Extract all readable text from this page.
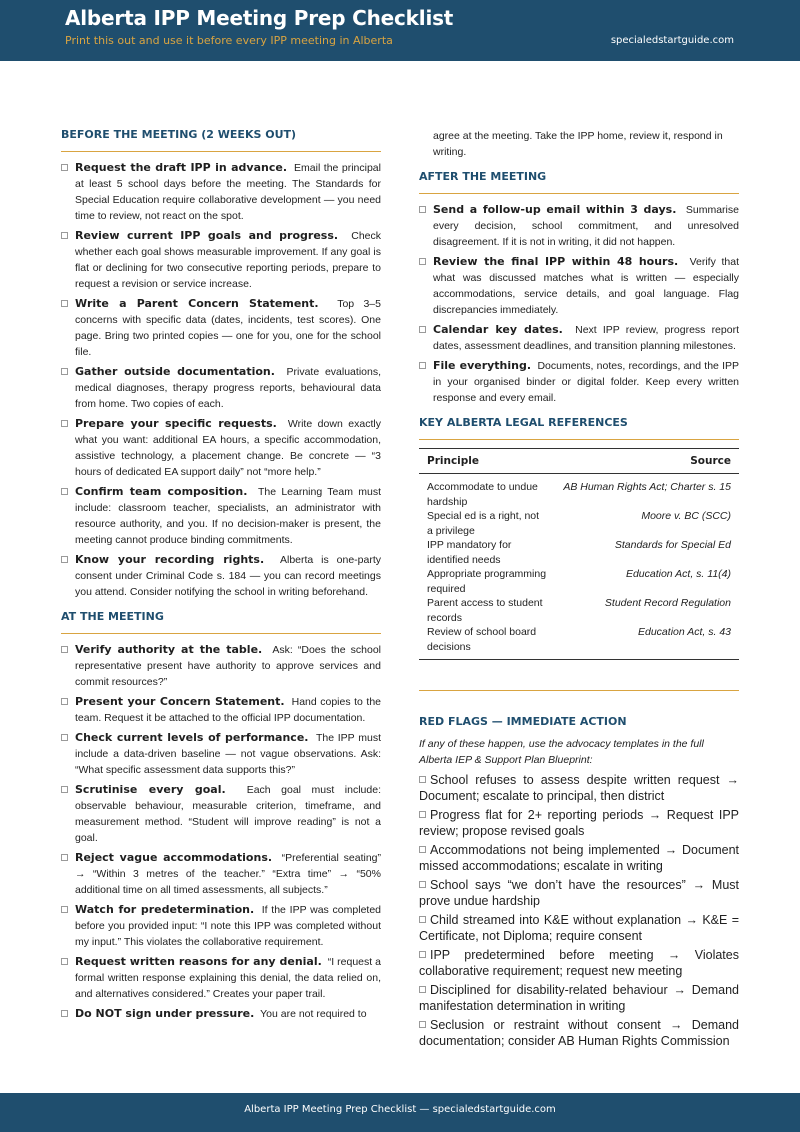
Alberta IPP Meeting Prep Checklist
Print this out and use it before every IPP meeting in Alberta	specialedstartguide.com
BEFORE THE MEETING (2 WEEKS OUT)
Request the draft IPP in advance. Email the principal at least 5 school days before the meeting. The Standards for Special Education require collaborative development — you need time to review, not react on the spot.
Review current IPP goals and progress. Check whether each goal shows measurable improvement. If any goal is flat or declining for two consecutive reporting periods, prepare to request a revision or service increase.
Write a Parent Concern Statement. Top 3–5 concerns with specific data (dates, incidents, test scores). One page. Bring two printed copies — one for you, one for the school file.
Gather outside documentation. Private evaluations, medical diagnoses, therapy progress reports, behavioural data from home. Two copies of each.
Prepare your specific requests. Write down exactly what you want: additional EA hours, a specific accommodation, assistive technology, a placement change. Be concrete — “3 hours of dedicated EA support daily” not “more help.”
Confirm team composition. The Learning Team must include: classroom teacher, specialists, an administrator with resource authority, and you. If no decision-maker is present, the meeting cannot produce binding commitments.
Know your recording rights. Alberta is one-party consent under Criminal Code s. 184 — you can record meetings you attend. Consider notifying the school in writing beforehand.
AT THE MEETING
Verify authority at the table. Ask: “Does the school representative present have authority to approve services and commit resources?”
Present your Concern Statement. Hand copies to the team. Request it be attached to the official IPP documentation.
Check current levels of performance. The IPP must include a data-driven baseline — not vague observations. Ask: “What specific assessment data supports this?”
Scrutinise every goal. Each goal must include: observable behaviour, measurable criterion, timeframe, and measurement method. “Student will improve reading” is not a goal.
Reject vague accommodations. “Preferential seating” → “Within 3 metres of the teacher.” “Extra time” → “50% additional time on all timed assessments, all subjects.”
Watch for predetermination. If the IPP was completed before you provided input: “I note this IPP was completed without my input.” This violates the collaborative requirement.
Request written reasons for any denial. “I request a formal written response explaining this denial, the data relied on, and alternatives considered.” Creates your paper trail.
Do NOT sign under pressure. You are not required to
agree at the meeting. Take the IPP home, review it, respond in writing.
AFTER THE MEETING
Send a follow-up email within 3 days. Summarise every decision, school commitment, and unresolved disagreement. If it is not in writing, it did not happen.
Review the final IPP within 48 hours. Verify that what was discussed matches what is written — especially accommodations, service details, and goal language. Flag discrepancies immediately.
Calendar key dates. Next IPP review, progress report dates, assessment deadlines, and transition planning milestones.
File everything. Documents, notes, recordings, and the IPP in your organised binder or digital folder. Keep every written response and every email.
KEY ALBERTA LEGAL REFERENCES
Principle	Source
Accommodate to undue hardship	AB Human Rights Act; Charter s. 15
Special ed is a right, not a privilege	Moore v. BC (SCC)
IPP mandatory for identified needs	Standards for Special Ed
Appropriate programming required	Education Act, s. 11(4)
Parent access to student records	Student Record Regulation
Review of school board decisions	Education Act, s. 43
RED FLAGS — IMMEDIATE ACTION
If any of these happen, use the advocacy templates in the full Alberta IEP & Support Plan Blueprint:
School refuses to assess despite written request → Document; escalate to principal, then district
Progress flat for 2+ reporting periods → Request IPP review; propose revised goals
Accommodations not being implemented → Document missed accommodations; escalate in writing
School says “we don’t have the resources” → Must prove undue hardship
Child streamed into K&E without explanation → K&E = Certificate, not Diploma; require consent
IPP predetermined before meeting → Violates collaborative requirement; request new meeting
Disciplined for disability-related behaviour → Demand manifestation determination in writing
Seclusion or restraint without consent → Demand documentation; consider AB Human Rights Commission
Alberta IPP Meeting Prep Checklist — specialedstartguide.com
